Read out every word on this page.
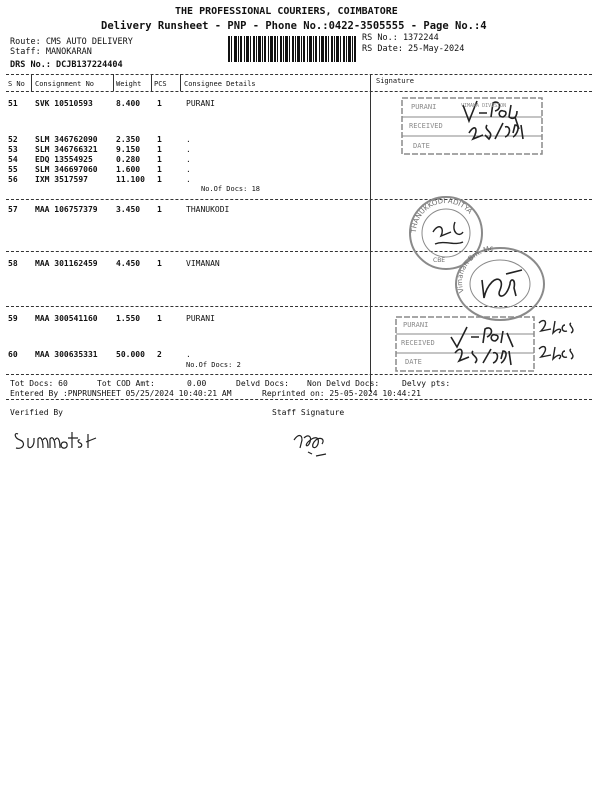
THE PROFESSIONAL COURIERS, COIMBATORE
Delivery Runsheet - PNP - Phone No.:0422-3505555 - Page No.:4
Route: CMS AUTO DELIVERY
Staff: MANOKARAN
DRS No.: DCJB137224404
RS No.: 1372244
RS Date: 25-May-2024
S No Consignment No	Weight PCS Consignee Details	Signature
51 SVK 10510593	8.400 1	PURANI
52 SLM 346762090 2.350 1	.
53 SLM 346766321 9.150 1	.
54 EDQ 13554925	0.280 1	.
55 SLM 346697060 1.600 1	.
56 IXM 3517597	11.100 1	.
No.Of Docs: 18
57 MAA 106757379 3.450 1	THANUKODI
58 MAA 301162459 4.450 1	VIMANAN
59 MAA 300541160 1.550 1	PURANI
60 MAA 300635331 50.000 2	.
No.Of Docs: 2
Tot Docs: 60	Tot COD Amt:	0.00	Delvd Docs: Non Delvd Docs:	Delvy pts:
Entered By :PNPRUNSHEET 05/25/2024 10:40:21 AM	Reprinted on: 25-05-2024 10:44:21
Verified By	Staff Signature
PURANI	VIMANA DIVISION
RECEIVED
DATE
THANUKKODI ADITYA
CBE
Vimanan Bm. Mc
PURANI
RECEIVED
DATE
